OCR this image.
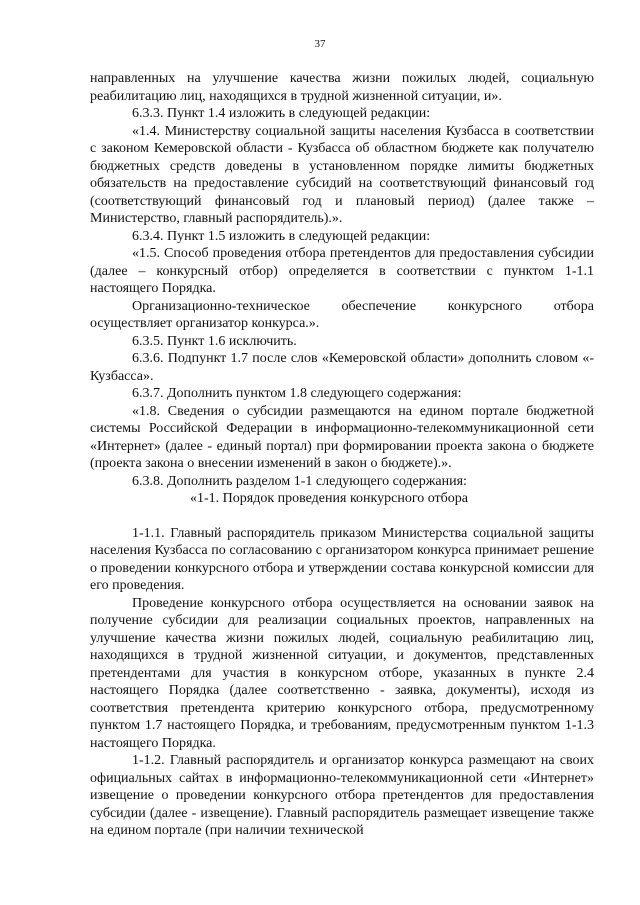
37

направленных на улучшение качества жизни пожилых людей, социальную реабилитацию лиц, находящихся в трудной жизненной ситуации, и».

6.3.3. Пункт 1.4 изложить в следующей редакции:

«1.4. Министерству социальной защиты населения Кузбасса в соответствии с законом Кемеровской области - Кузбасса об областном бюджете как получателю бюджетных средств доведены в установленном порядке лимиты бюджетных обязательств на предоставление субсидий на соответствующий финансовый год (соответствующий финансовый год и плановый период) (далее также – Министерство, главный распорядитель).».

6.3.4. Пункт 1.5 изложить в следующей редакции:

«1.5. Способ проведения отбора претендентов для предоставления субсидии (далее – конкурсный отбор) определяется в соответствии с пунктом 1-1.1 настоящего Порядка.

Организационно-техническое обеспечение конкурсного отбора осуществляет организатор конкурса.».

6.3.5. Пункт 1.6 исключить.

6.3.6. Подпункт 1.7 после слов «Кемеровской области» дополнить словом «- Кузбасса».

6.3.7. Дополнить пунктом 1.8 следующего содержания:

«1.8. Сведения о субсидии размещаются на едином портале бюджетной системы Российской Федерации в информационно-телекоммуникационной сети «Интернет» (далее - единый портал) при формировании проекта закона о бюджете (проекта закона о внесении изменений в закон о бюджете).».

6.3.8. Дополнить разделом 1-1 следующего содержания:

«1-1. Порядок проведения конкурсного отбора

1-1.1. Главный распорядитель приказом Министерства социальной защиты населения Кузбасса по согласованию с организатором конкурса принимает решение о проведении конкурсного отбора и утверждении состава конкурсной комиссии для его проведения.

Проведение конкурсного отбора осуществляется на основании заявок на получение субсидии для реализации социальных проектов, направленных на улучшение качества жизни пожилых людей, социальную реабилитацию лиц, находящихся в трудной жизненной ситуации, и документов, представленных претендентами для участия в конкурсном отборе, указанных в пункте 2.4 настоящего Порядка (далее соответственно - заявка, документы), исходя из соответствия претендента критерию конкурсного отбора, предусмотренному пунктом 1.7 настоящего Порядка, и требованиям, предусмотренным пунктом 1-1.3 настоящего Порядка.

1-1.2. Главный распорядитель и организатор конкурса размещают на своих официальных сайтах в информационно-телекоммуникационной сети «Интернет» извещение о проведении конкурсного отбора претендентов для предоставления субсидии (далее - извещение). Главный распорядитель размещает извещение также на едином портале (при наличии технической
